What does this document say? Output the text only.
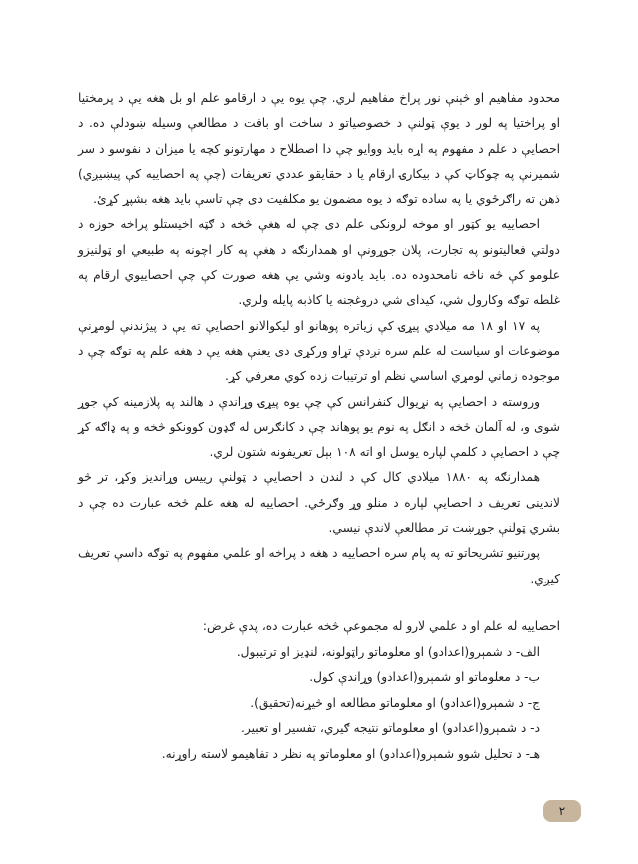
محدود مفاهيم او څېنې نور پراخ مفاهيم لري. چې يوه يې د ارقامو علم او بل هغه يې د پرمختيا او پراختيا په لور د يوې ټولنې د خصوصياتو د ساخت او بافت د مطالعې وسيله ښودلې ده. د احصايې د علم د مفهوم په اړه بايد ووايو چې دا اصطلاح د مهارتونو کچه يا ميزان د نفوسو د سر شميرنې په چوکاټ کې د بيکارۍ ارقام يا د حقايقو عددي تعريفات (چې په احصاييه کې پيښيږي) ذهن ته راګرځوي يا په ساده توګه د يوه مضمون يو مکلفيت دی چې تاسې بايد هغه بشپړ کړئ.

احصاييه يو کټور او موخه لرونکی علم دی چې له هغې څخه د ګټه اخيستلو پراخه حوزه د دولتي فعاليتونو په تجارت، پلان جوړونې او همدارنګه د هغې په کار اچونه په طبيعي او ټولنيزو علومو کې څه ناڅه نامحدوده ده. بايد يادونه وشي يې هغه صورت کې چې احصاييوي ارقام په غلطه توګه وکارول شي، کيدای شي دروغجنه يا کاذبه پايله ولري.

په ۱۷ او ۱۸ مه ميلادي پيړۍ کې زياتره پوهانو او ليکوالانو احصايې ته يې د پيژندنې لومړنې موضوعات او سياست له علم سره نږدې تړاو ورکړی دی يعنې هغه يې د هغه علم په توګه چې د موجوده زماني لومړي اساسي نظم او ترتيبات زده کوي معرفي کړ.

وروسته د احصايې په نړيوال کنفرانس کې چې يوه پيړۍ وړاندې د هالند په پلازمينه کې جوړ شوی و، له آلمان څخه د انګل په نوم يو پوهاند چې د کانګرس له ګډون کوونکو څخه و په ډاګه کړ چې د احصايې د کلمې لپاره يوسل او اته ۱۰۸ بېل تعريفونه شتون لري.

همدارنګه په ۱۸۸۰ ميلادي کال کې د لندن د احصايې د ټولنې رييس وړانديز وکړ، تر څو لاندينی تعريف د احصايې لپاره د منلو وړ وګرځي. احصاييه له هغه علم څخه عبارت ده چې د بشري ټولنې جوړښت تر مطالعې لاندې نيسي.

پورتنيو تشريحاتو ته په پام سره احصاييه د هغه د پراخه او علمي مفهوم په توګه داسې تعريف کيږي.

احصاييه له علم او د علمي لارو له مجموعې څخه عبارت ده، پدې غرض:

الف- د شمېرو(اعدادو) او معلوماتو راټولونه، لنډيز او ترتيبول.
ب- د معلوماتو او شمېرو(اعدادو) وړاندې کول.
ج- د شمېرو(اعدادو) او معلوماتو مطالعه او څيړنه(تحقيق).
د- د شمېرو(اعدادو) او معلوماتو نتيجه ګيري، تفسير او تعبير.
هـ- د تحليل شوو شمېرو(اعدادو) او معلوماتو په نظر د تفاهيمو لاسته راوړنه.
۲
